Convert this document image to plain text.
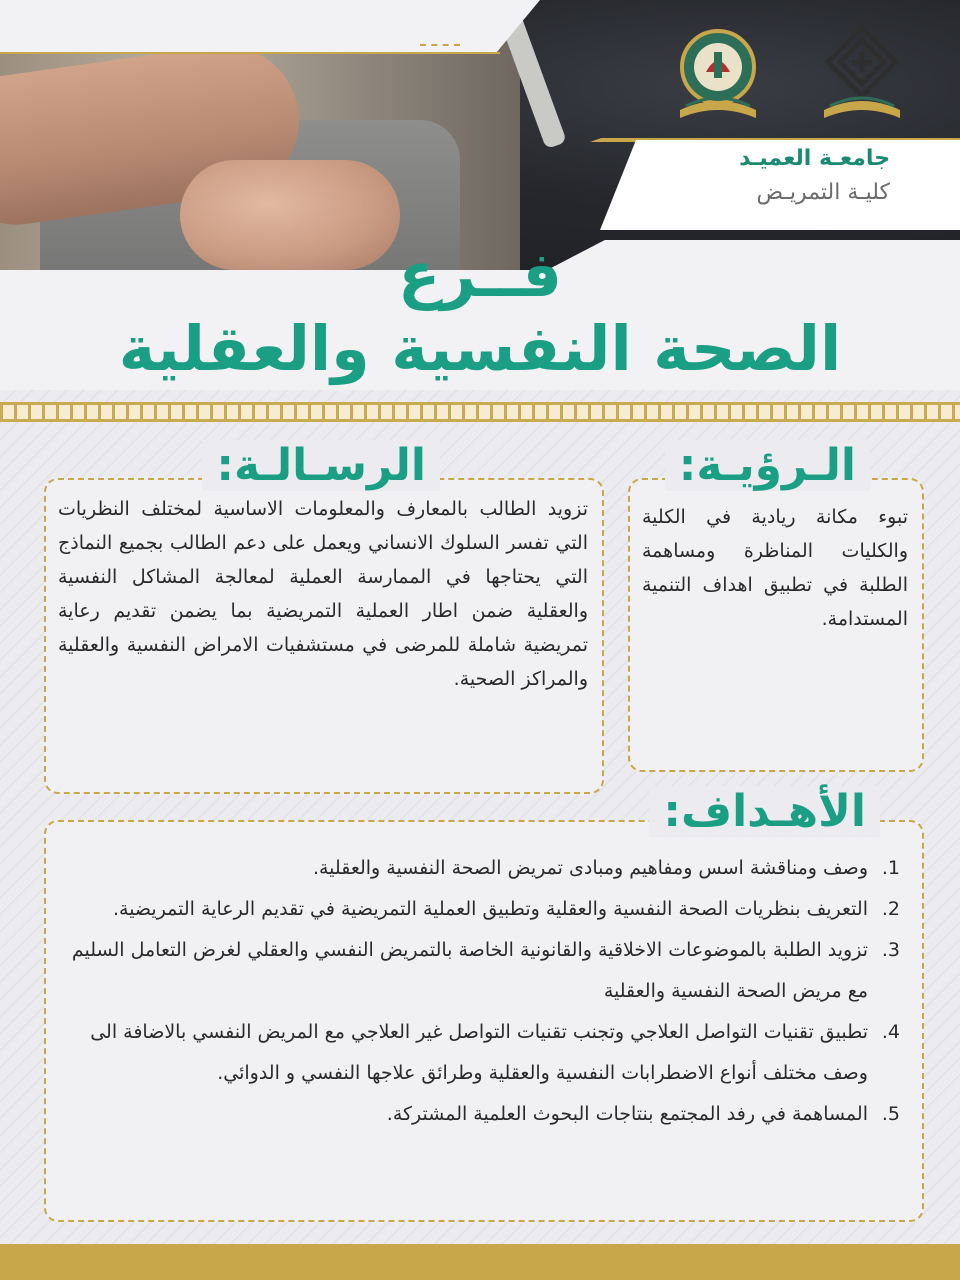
جامعـة العميـد
كليـة التمريـض
فــرع
الصحة النفسية والعقلية
الـرؤيـة:
تبوء مكانة ريادية في الكلية والكليات المناظرة ومساهمة الطلبة في تطبيق اهداف التنمية المستدامة.
الرسـالـة:
تزويد الطالب بالمعارف والمعلومات الاساسية لمختلف النظريات التي تفسر السلوك الانساني ويعمل على دعم الطالب بجميع النماذج التي يحتاجها في الممارسة العملية لمعالجة المشاكل النفسية والعقلية ضمن اطار العملية التمريضية بما يضمن تقديم رعاية تمريضية شاملة للمرضى في مستشفيات الامراض النفسية والعقلية والمراكز الصحية.
الأهـداف:
1.
وصف ومناقشة اسس ومفاهيم ومبادى تمريض الصحة النفسية والعقلية.
2.
التعريف بنظريات الصحة النفسية والعقلية وتطبيق العملية التمريضية في تقديم الرعاية التمريضية.
3.
تزويد الطلبة بالموضوعات الاخلاقية والقانونية الخاصة بالتمريض النفسي والعقلي لغرض التعامل السليم مع مريض الصحة النفسية والعقلية
4.
تطبيق تقنيات التواصل العلاجي وتجنب تقنيات التواصل غير العلاجي مع المريض النفسي بالاضافة الى وصف مختلف أنواع الاضطرابات النفسية والعقلية وطرائق علاجها النفسي و الدوائي.
5.
المساهمة في رفد المجتمع بنتاجات البحوث العلمية المشتركة.
